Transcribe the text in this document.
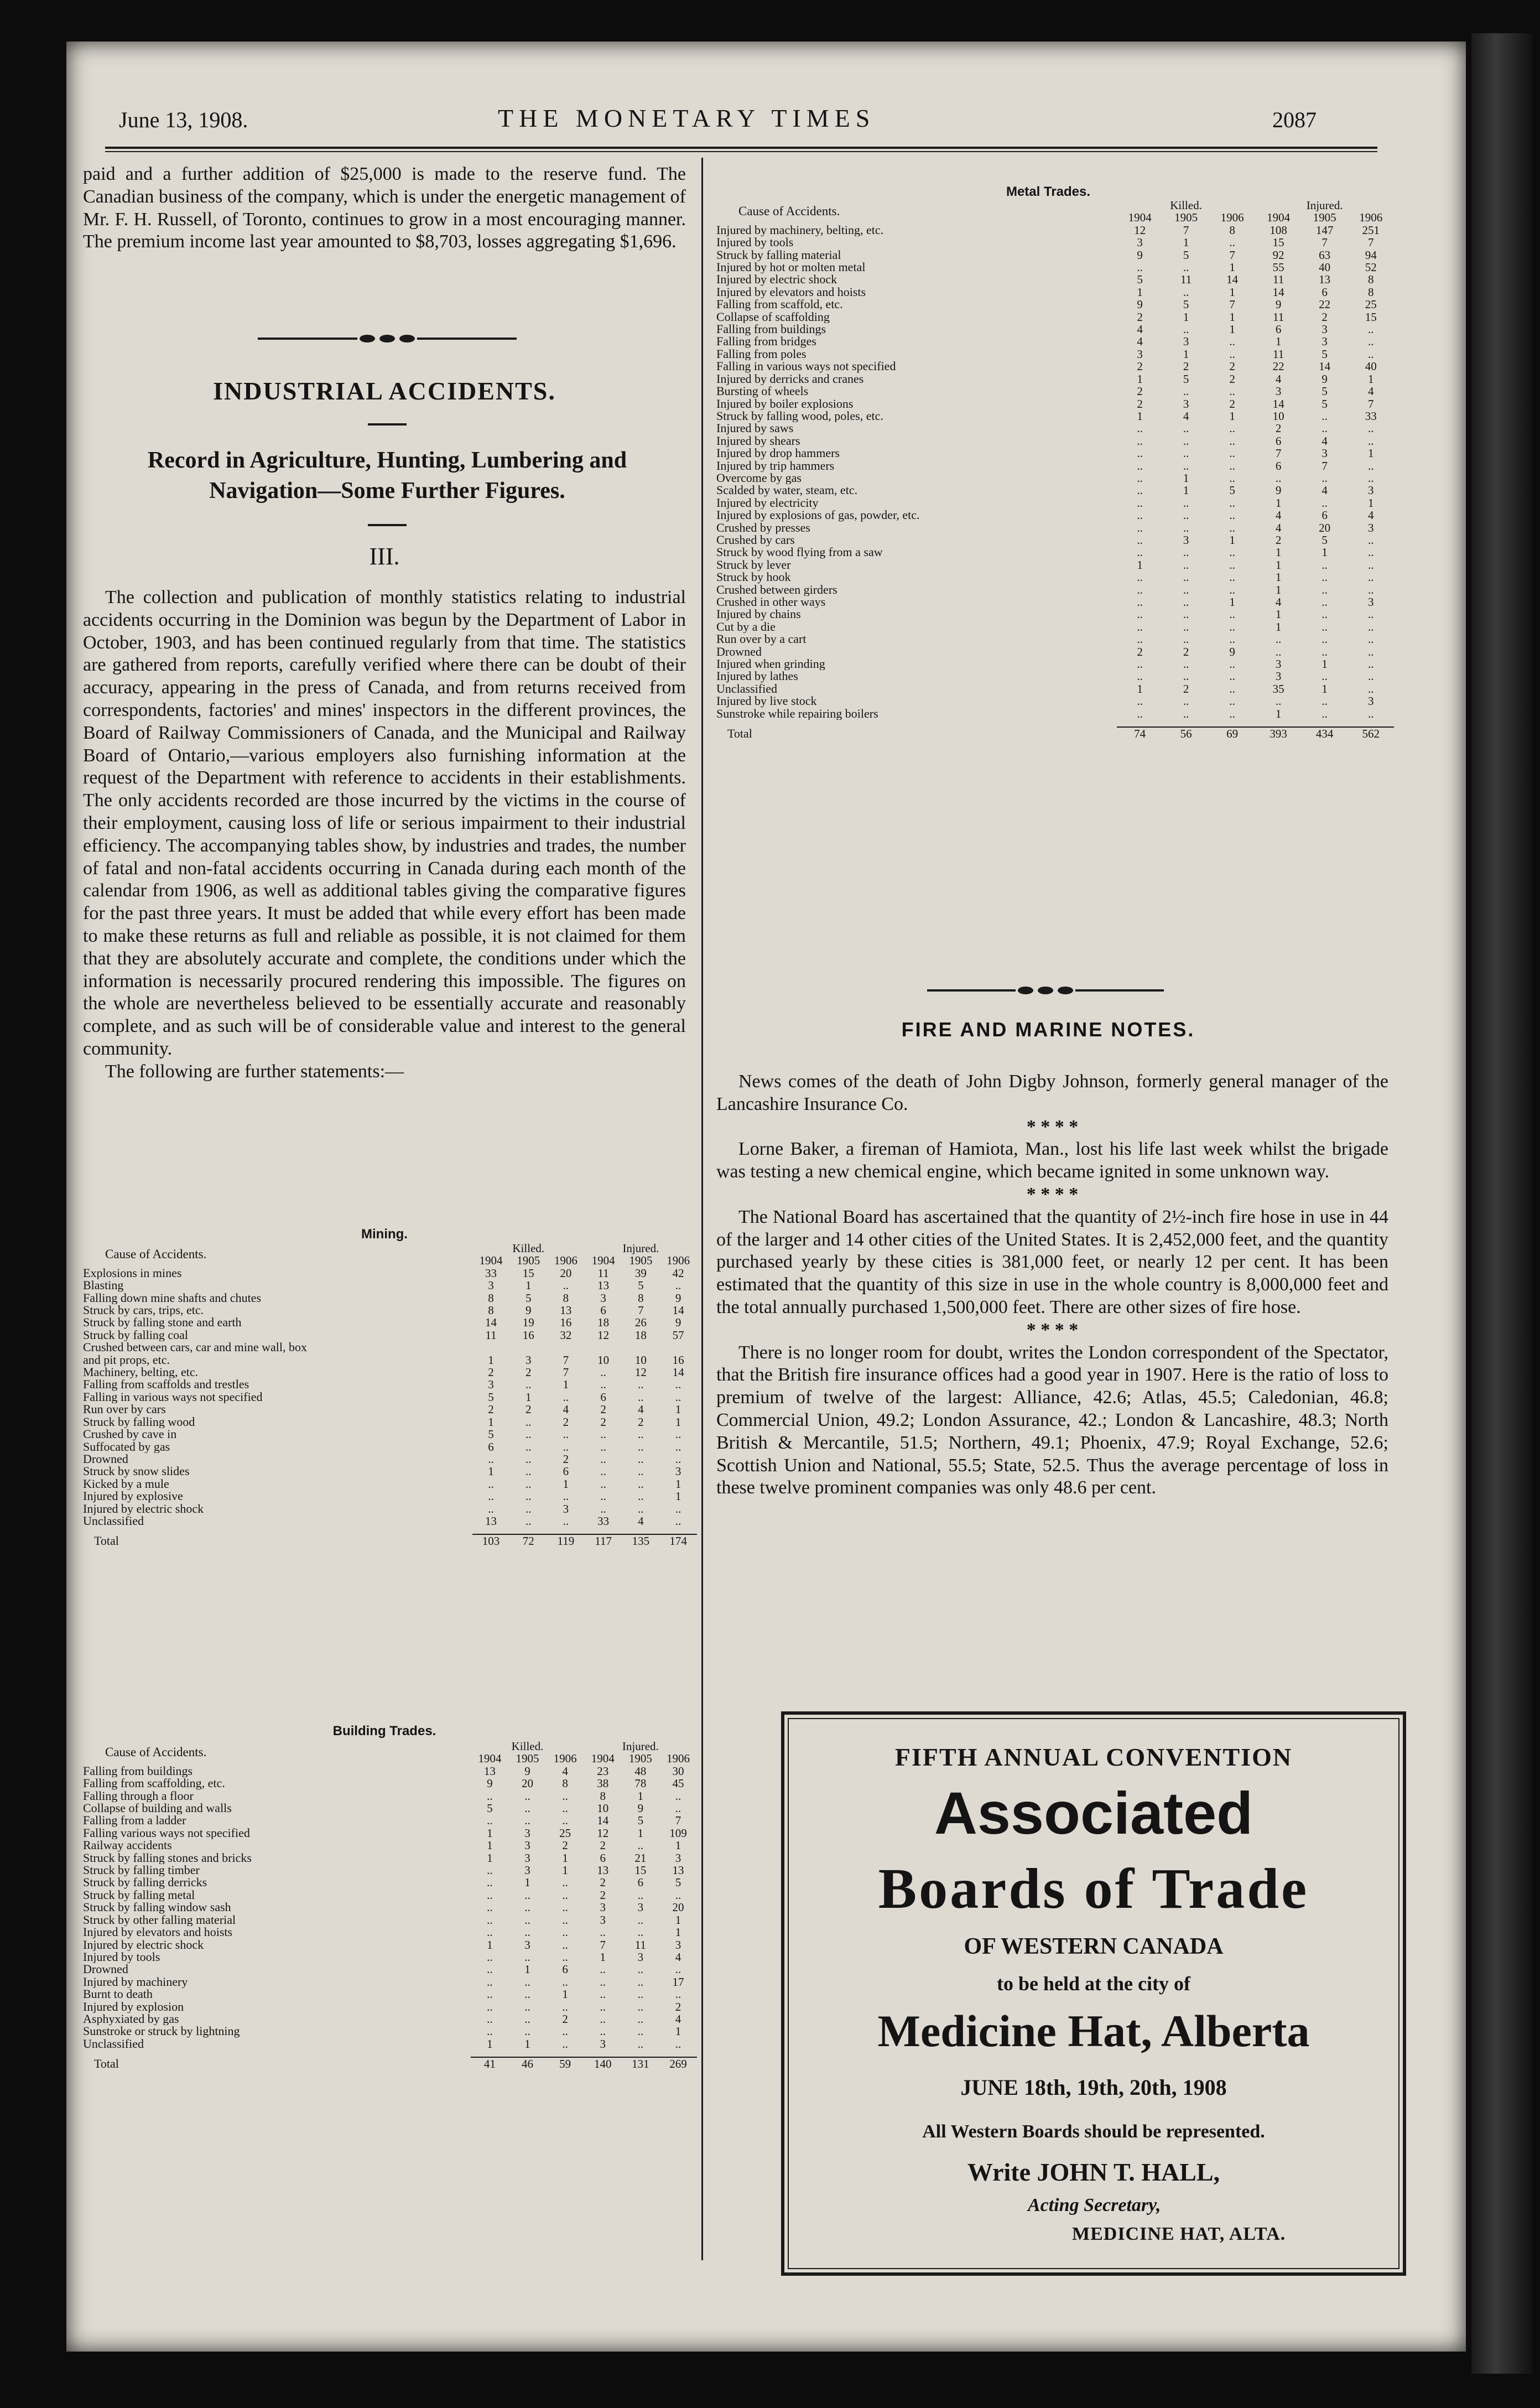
June 13, 1908.	THE MONETARY TIMES	2087

paid and a further addition of $25,000 is made to the reserve fund. The Canadian business of the company, which is under the energetic management of Mr. F. H. Russell, of Toronto, continues to grow in a most encouraging manner. The premium income last year amounted to $8,703, losses aggregating $1,696.

INDUSTRIAL ACCIDENTS.
Record in Agriculture, Hunting, Lumbering and Navigation—Some Further Figures.
III.

The collection and publication of monthly statistics relating to industrial accidents occurring in the Dominion was begun by the Department of Labor in October, 1903, and has been continued regularly from that time. The statistics are gathered from reports, carefully verified where there can be doubt of their accuracy, appearing in the press of Canada, and from returns received from correspondents, factories' and mines' inspectors in the different provinces, the Board of Railway Commissioners of Canada, and the Municipal and Railway Board of Ontario,—various employers also furnishing information at the request of the Department with reference to accidents in their establishments. The only accidents recorded are those incurred by the victims in the course of their employment, causing loss of life or serious impairment to their industrial efficiency. The accompanying tables show, by industries and trades, the number of fatal and non-fatal accidents occurring in Canada during each month of the calendar from 1906, as well as additional tables giving the comparative figures for the past three years. It must be added that while every effort has been made to make these returns as full and reliable as possible, it is not claimed for them that they are absolutely accurate and complete, the conditions under which the information is necessarily procured rendering this impossible. The figures on the whole are nevertheless believed to be essentially accurate and reasonably complete, and as such will be of considerable value and interest to the general community.

The following are further statements:—

Mining.
Cause of Accidents.	Killed.			Injured.		
	1904	1905	1906	1904	1905	1906
Explosions in mines	33	15	20	11	39	42
Blasting	3	1	..	13	5	..
Falling down mine shafts and chutes	8	5	8	3	8	9
Struck by cars, trips, etc.	8	9	13	6	7	14
Struck by falling stone and earth	14	19	16	18	26	9
Struck by falling coal	11	16	32	12	18	57
Crushed between cars, car and mine wall, box						
and pit props, etc.	1	3	7	10	10	16
Machinery, belting, etc.	2	2	7	..	12	14
Falling from scaffolds and trestles	3	..	1	..	..	..
Falling in various ways not specified	5	1	..	6	..	..
Run over by cars	2	2	4	2	4	1
Struck by falling wood	1	..	2	2	2	1
Crushed by cave in	5	..	..	..	..	..
Suffocated by gas	6	..	..	..	..	..
Drowned	..	..	2	..	..	..
Struck by snow slides	1	..	6	..	..	3
Kicked by a mule	..	..	1	..	..	1
Injured by explosive	..	..	..	..	..	1
Injured by electric shock	..	..	3	..	..	..
Unclassified	13	..	..	33	4	..

Total	103	72	119	117	135	174
Building Trades.
Cause of Accidents.	Killed.			Injured.		
	1904	1905	1906	1904	1905	1906
Falling from buildings	13	9	4	23	48	30
Falling from scaffolding, etc.	9	20	8	38	78	45
Falling through a floor	..	..	..	8	1	..
Collapse of building and walls	5	..	..	10	9	..
Falling from a ladder	..	..	..	14	5	7
Falling various ways not specified	1	3	25	12	1	109
Railway accidents	1	3	2	2	..	1
Struck by falling stones and bricks	1	3	1	6	21	3
Struck by falling timber	..	3	1	13	15	13
Struck by falling derricks	..	1	..	2	6	5
Struck by falling metal	..	..	..	2	..	..
Struck by falling window sash	..	..	..	3	3	20
Struck by other falling material	..	..	..	3	..	1
Injured by elevators and hoists	..	..	..	..	..	1
Injured by electric shock	1	3	..	7	11	3
Injured by tools	..	..	..	1	3	4
Drowned	..	1	6	..	..	..
Injured by machinery	..	..	..	..	..	17
Burnt to death	..	..	1	..	..	..
Injured by explosion	..	..	..	..	..	2
Asphyxiated by gas	..	..	2	..	..	4
Sunstroke or struck by lightning	..	..	..	..	..	1
Unclassified	1	1	..	3	..	..

Total	41	46	59	140	131	269
Metal Trades.
Cause of Accidents.	Killed.			Injured.		
	1904	1905	1906	1904	1905	1906
Injured by machinery, belting, etc.	12	7	8	108	147	251
Injured by tools	3	1	..	15	7	7
Struck by falling material	9	5	7	92	63	94
Injured by hot or molten metal	..	..	1	55	40	52
Injured by electric shock	5	11	14	11	13	8
Injured by elevators and hoists	1	..	1	14	6	8
Falling from scaffold, etc.	9	5	7	9	22	25
Collapse of scaffolding	2	1	1	11	2	15
Falling from buildings	4	..	1	6	3	..
Falling from bridges	4	3	..	1	3	..
Falling from poles	3	1	..	11	5	..
Falling in various ways not specified	2	2	2	22	14	40
Injured by derricks and cranes	1	5	2	4	9	1
Bursting of wheels	2	..	..	3	5	4
Injured by boiler explosions	2	3	2	14	5	7
Struck by falling wood, poles, etc.	1	4	1	10	..	33
Injured by saws	..	..	..	2	..	..
Injured by shears	..	..	..	6	4	..
Injured by drop hammers	..	..	..	7	3	1
Injured by trip hammers	..	..	..	6	7	..
Overcome by gas	..	1	..	..	..	..
Scalded by water, steam, etc.	..	1	5	9	4	3
Injured by electricity	..	..	..	1	..	1
Injured by explosions of gas, powder, etc.	..	..	..	4	6	4
Crushed by presses	..	..	..	4	20	3
Crushed by cars	..	3	1	2	5	..
Struck by wood flying from a saw	..	..	..	1	1	..
Struck by lever	1	..	..	1	..	..
Struck by hook	..	..	..	1	..	..
Crushed between girders	..	..	..	1	..	..
Crushed in other ways	..	..	1	4	..	3
Injured by chains	..	..	..	1	..	..
Cut by a die	..	..	..	1	..	..
Run over by a cart	..	..	..	..	..	..
Drowned	2	2	9	..	..	..
Injured when grinding	..	..	..	3	1	..
Injured by lathes	..	..	..	3	..	..
Unclassified	1	2	..	35	1	..
Injured by live stock	..	..	..	..	..	3
Sunstroke while repairing boilers	..	..	..	1	..	..

Total	74	56	69	393	434	562
FIRE AND MARINE NOTES.

News comes of the death of John Digby Johnson, formerly general manager of the Lancashire Insurance Co.

* * * *

Lorne Baker, a fireman of Hamiota, Man., lost his life last week whilst the brigade was testing a new chemical engine, which became ignited in some unknown way.

* * * *

The National Board has ascertained that the quantity of 2½-inch fire hose in use in 44 of the larger and 14 other cities of the United States. It is 2,452,000 feet, and the quantity purchased yearly by these cities is 381,000 feet, or nearly 12 per cent. It has been estimated that the quantity of this size in use in the whole country is 8,000,000 feet and the total annually purchased 1,500,000 feet. There are other sizes of fire hose.

* * * *

There is no longer room for doubt, writes the London correspondent of the Spectator, that the British fire insurance offices had a good year in 1907. Here is the ratio of loss to premium of twelve of the largest: Alliance, 42.6; Atlas, 45.5; Caledonian, 46.8; Commercial Union, 49.2; London Assurance, 42.; London & Lancashire, 48.3; North British & Mercantile, 51.5; Northern, 49.1; Phoenix, 47.9; Royal Exchange, 52.6; Scottish Union and National, 55.5; State, 52.5. Thus the average percentage of loss in these twelve prominent companies was only 48.6 per cent.

FIFTH ANNUAL CONVENTION
Associated
Boards of Trade
OF WESTERN CANADA
to be held at the city of
Medicine Hat, Alberta
JUNE 18th, 19th, 20th, 1908
All Western Boards should be represented.
Write JOHN T. HALL,
Acting Secretary,
MEDICINE HAT, ALTA.
